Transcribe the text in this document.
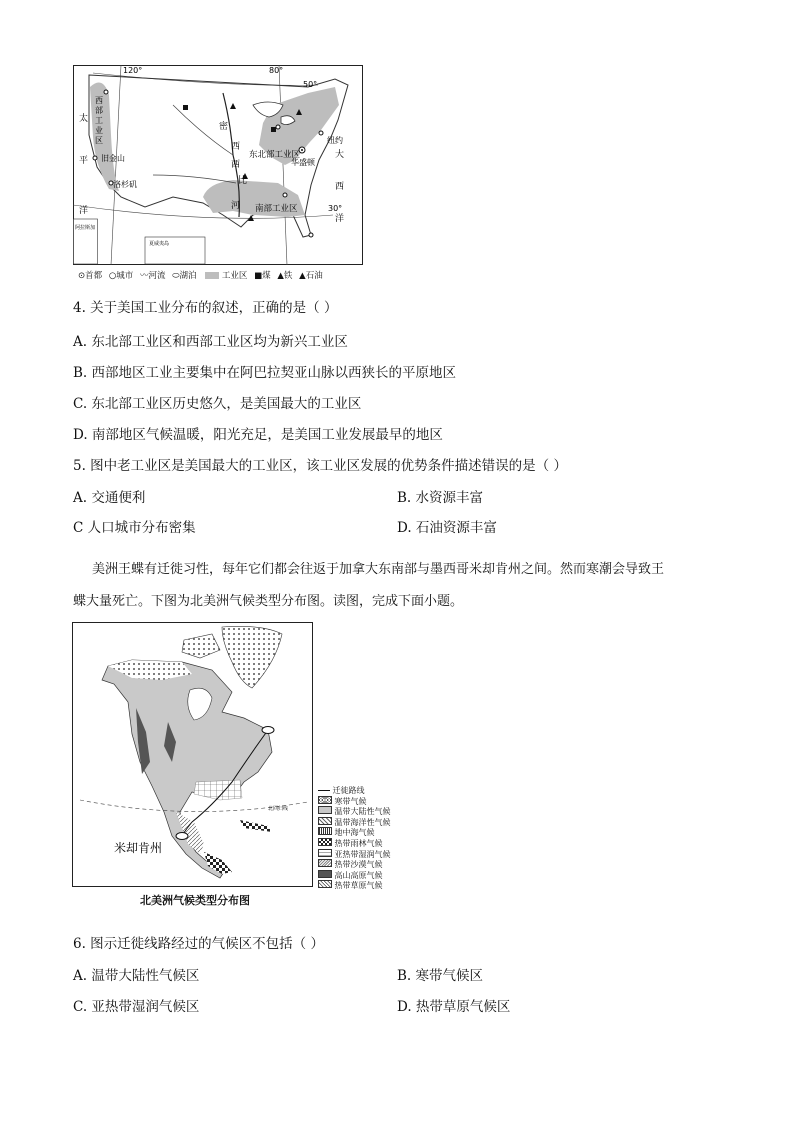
120°	80°
50°
30°
太
平
洋
大
西
洋
密
西
西
比
河
西
部
工
业
区
东北部工业区
南部工业区
旧金山
洛杉矶
纽约
华盛顿
阿拉斯加
夏威夷岛
⊙首都 ○城市 〰河流 ⬭湖泊	工业区 ■煤 ▲铁 ▲石油
4. 关于美国工业分布的叙述，正确的是（ ）
A. 东北部工业区和西部工业区均为新兴工业区
B. 西部地区工业主要集中在阿巴拉契亚山脉以西狭长的平原地区
C. 东北部工业区历史悠久，是美国最大的工业区
D. 南部地区气候温暖，阳光充足，是美国工业发展最早的地区
5. 图中老工业区是美国最大的工业区，该工业区发展的优势条件描述错误的是（ ）
A. 交通便利	B. 水资源丰富
C 人口城市分布密集	D. 石油资源丰富
美洲王蝶有迁徙习性，每年它们都会往返于加拿大东南部与墨西哥米却肯州之间。然而寒潮会导致王
蝶大量死亡。下图为北美洲气候类型分布图。读图，完成下面小题。
北回归线
米却肯州
迁徙路线
寒带气候
温带大陆性气候
温带海洋性气候
地中海气候
热带雨林气候
亚热带湿润气候
热带沙漠气候
高山高原气候
热带草原气候
北美洲气候类型分布图
6. 图示迁徙线路经过的气候区不包括（ ）
A. 温带大陆性气候区	B. 寒带气候区
C. 亚热带湿润气候区	D. 热带草原气候区
